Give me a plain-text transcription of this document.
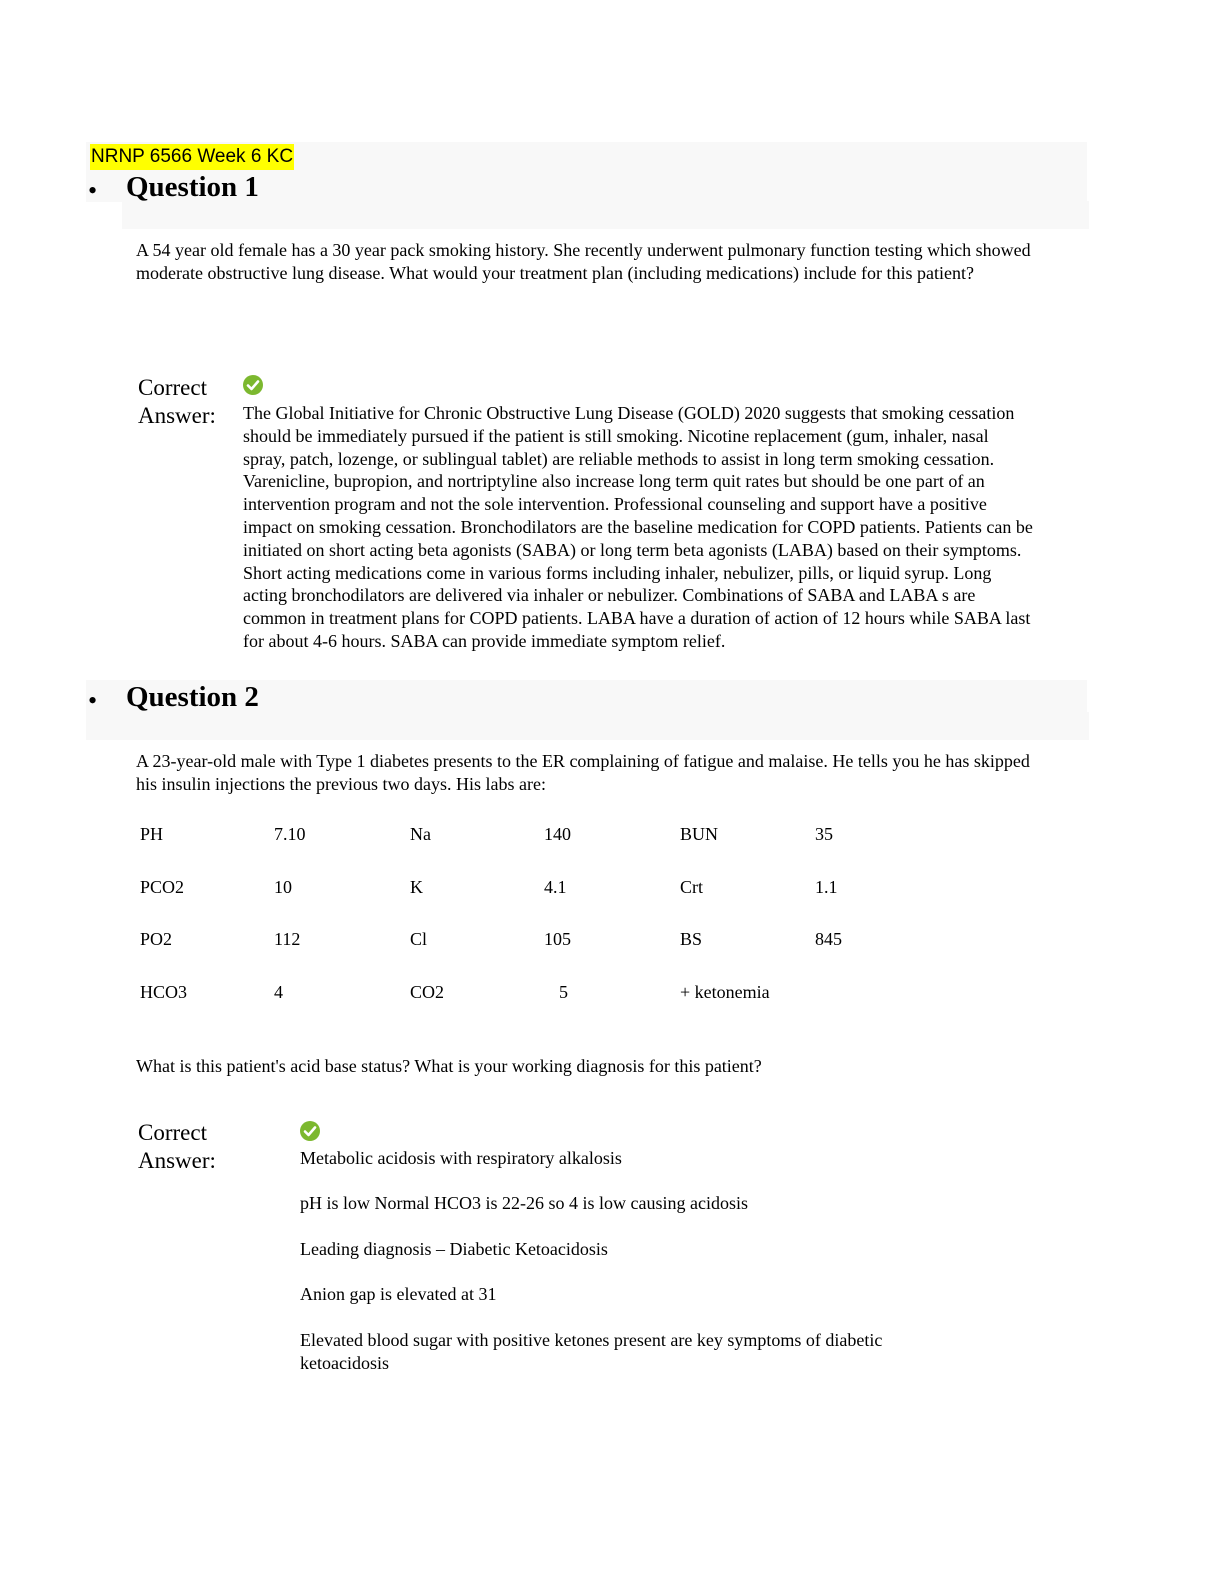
NRNP 6566 Week 6 KC
• Question 1
A 54 year old female has a 30 year pack smoking history. She recently underwent pulmonary function testing which showed moderate obstructive lung disease. What would your treatment plan (including medications) include for this patient?
Correct
Answer: The Global Initiative for Chronic Obstructive Lung Disease (GOLD) 2020 suggests that smoking cessation should be immediately pursued if the patient is still smoking. Nicotine replacement (gum, inhaler, nasal spray, patch, lozenge, or sublingual tablet) are reliable methods to assist in long term smoking cessation. Varenicline, bupropion, and nortriptyline also increase long term quit rates but should be one part of an intervention program and not the sole intervention. Professional counseling and support have a positive impact on smoking cessation. Bronchodilators are the baseline medication for COPD patients. Patients can be initiated on short acting beta agonists (SABA) or long term beta agonists (LABA) based on their symptoms. Short acting medications come in various forms including inhaler, nebulizer, pills, or liquid syrup. Long acting bronchodilators are delivered via inhaler or nebulizer. Combinations of SABA and LABA s are common in treatment plans for COPD patients. LABA have a duration of action of 12 hours while SABA last for about 4-6 hours. SABA can provide immediate symptom relief.
• Question 2
A 23-year-old male with Type 1 diabetes presents to the ER complaining of fatigue and malaise. He tells you he has skipped his insulin injections the previous two days. His labs are:
PH	7.10	Na	140	BUN	35
PCO2	10	K	4.1	Crt	1.1
PO2	112	Cl	105	BS	845
HCO3	4	CO2	5	+ ketonemia
What is this patient's acid base status? What is your working diagnosis for this patient?
Correct
Answer:	Metabolic acidosis with respiratory alkalosis
pH is low Normal HCO3 is 22-26 so 4 is low causing acidosis
Leading diagnosis – Diabetic Ketoacidosis
Anion gap is elevated at 31
Elevated blood sugar with positive ketones present are key symptoms of diabetic ketoacidosis
